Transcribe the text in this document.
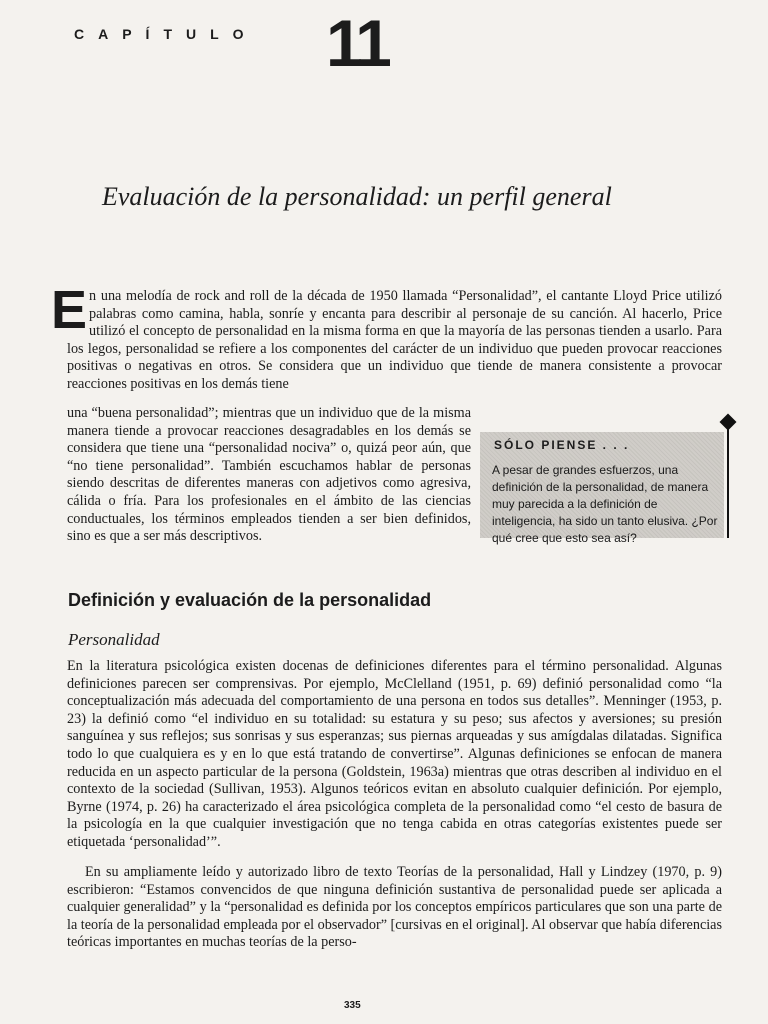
CAPÍTULO 11
Evaluación de la personalidad: un perfil general
En una melodía de rock and roll de la década de 1950 llamada “Personalidad”, el cantante Lloyd Price utilizó palabras como camina, habla, sonríe y encanta para describir al personaje de su canción. Al hacerlo, Price utilizó el concepto de personalidad en la misma forma en que la mayoría de las personas tienden a usarlo. Para los legos, personalidad se refiere a los componentes del carácter de un individuo que pueden provocar reacciones positivas o negativas en otros. Se considera que un individuo que tiende de manera consistente a provocar reacciones positivas en los demás tiene

una “buena personalidad”; mientras que un individuo que de la misma manera tiende a provocar reacciones desagradables en los demás se considera que tiene una “personalidad nociva” o, quizá peor aún, que “no tiene personalidad”. También escuchamos hablar de personas siendo descritas de diferentes maneras con adjetivos como agresiva, cálida o fría. Para los profesionales en el ámbito de las ciencias conductuales, los términos empleados tienden a ser bien definidos, sino es que a ser más descriptivos.

SÓLO PIENSE . . .
A pesar de grandes esfuerzos, una definición de la personalidad, de manera muy parecida a la definición de inteligencia, ha sido un tanto elusiva. ¿Por qué cree que esto sea así?
Definición y evaluación de la personalidad
Personalidad

En la literatura psicológica existen docenas de definiciones diferentes para el término personalidad. Algunas definiciones parecen ser comprensivas. Por ejemplo, McClelland (1951, p. 69) definió personalidad como “la conceptualización más adecuada del comportamiento de una persona en todos sus detalles”. Menninger (1953, p. 23) la definió como “el individuo en su totalidad: su estatura y su peso; sus afectos y aversiones; su presión sanguínea y sus reflejos; sus sonrisas y sus esperanzas; sus piernas arqueadas y sus amígdalas dilatadas. Significa todo lo que cualquiera es y en lo que está tratando de convertirse”. Algunas definiciones se enfocan de manera reducida en un aspecto particular de la persona (Goldstein, 1963a) mientras que otras describen al individuo en el contexto de la sociedad (Sullivan, 1953). Algunos teóricos evitan en absoluto cualquier definición. Por ejemplo, Byrne (1974, p. 26) ha caracterizado el área psicológica completa de la personalidad como “el cesto de basura de la psicología en la que cualquier investigación que no tenga cabida en otras categorías existentes puede ser etiquetada ‘personalidad’”.

En su ampliamente leído y autorizado libro de texto Teorías de la personalidad, Hall y Lindzey (1970, p. 9) escribieron: “Estamos convencidos de que ninguna definición sustantiva de personalidad puede ser aplicada a cualquier generalidad” y la “personalidad es definida por los conceptos empíricos particulares que son una parte de la teoría de la personalidad empleada por el observador” [cursivas en el original]. Al observar que había diferencias teóricas importantes en muchas teorías de la perso-

335
